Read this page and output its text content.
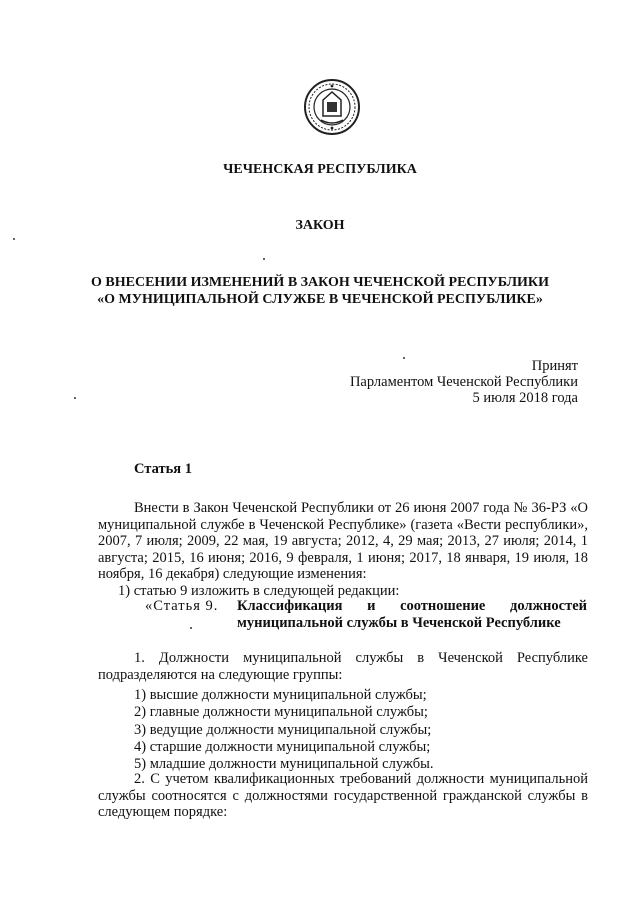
ЧЕЧЕНСКАЯ РЕСПУБЛИКА
ЗАКОН
О ВНЕСЕНИИ ИЗМЕНЕНИЙ В ЗАКОН ЧЕЧЕНСКОЙ РЕСПУБЛИКИ
«О МУНИЦИПАЛЬНОЙ СЛУЖБЕ В ЧЕЧЕНСКОЙ РЕСПУБЛИКЕ»
Принят
Парламентом Чеченской Республики
5 июля 2018 года
Статья 1
Внести в Закон Чеченской Республики от 26 июня 2007 года № 36-РЗ «О муниципальной службе в Чеченской Республике» (газета «Вести республики», 2007, 7 июля; 2009, 22 мая, 19 августа; 2012, 4, 29 мая; 2013, 27 июля; 2014, 1 августа; 2015, 16 июня; 2016, 9 февраля, 1 июня; 2017, 18 января, 19 июля, 18 ноября, 16 декабря) следующие изменения:
1) статью 9 изложить в следующей редакции:
«Статья 9.	Классификация и соотношение должностей
муниципальной службы в Чеченской Республике
1. Должности муниципальной службы в Чеченской Республике подразделяются на следующие группы:
1) высшие должности муниципальной службы;
2) главные должности муниципальной службы;
3) ведущие должности муниципальной службы;
4) старшие должности муниципальной службы;
5) младшие должности муниципальной службы.
2. С учетом квалификационных требований должности муниципальной службы соотносятся с должностями государственной гражданской службы в следующем порядке:
